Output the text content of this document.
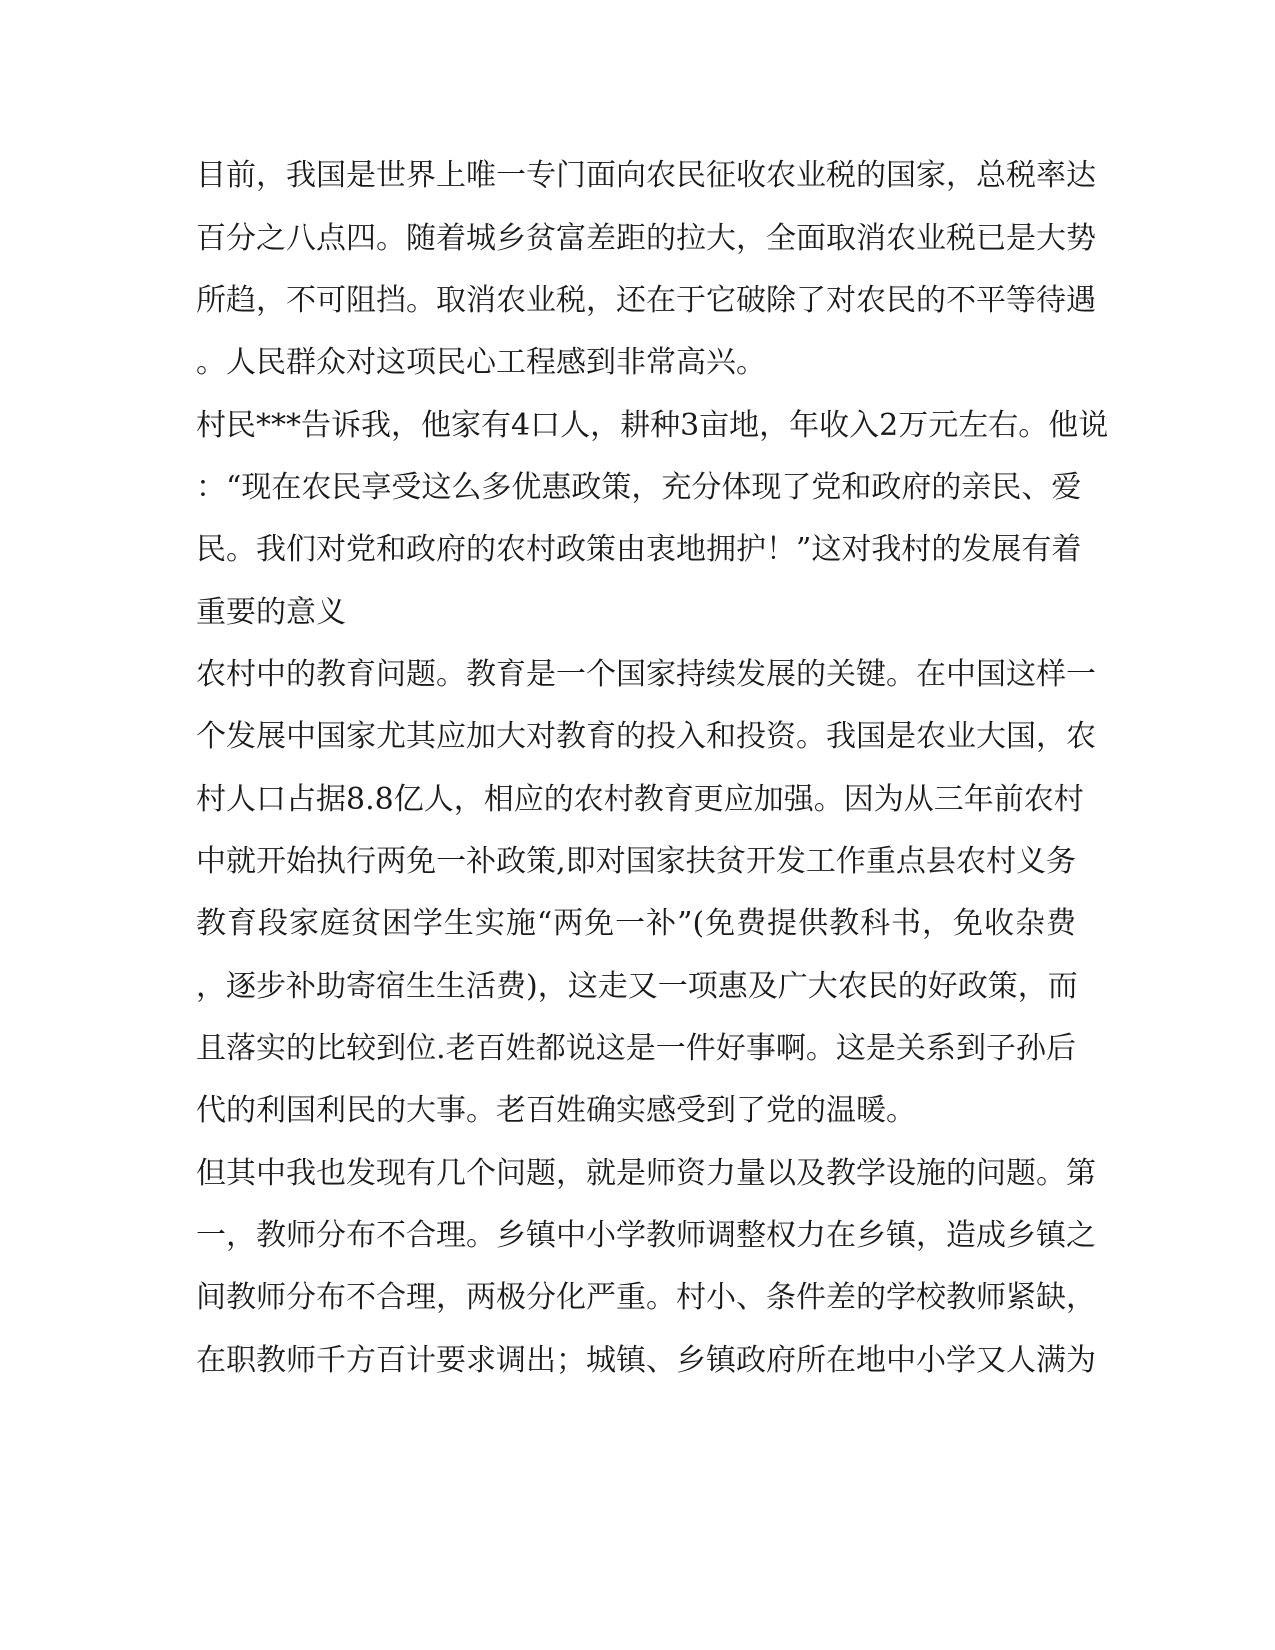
目前，我国是世界上唯一专门面向农民征收农业税的国家，总税率达
百分之八点四。随着城乡贫富差距的拉大，全面取消农业税已是大势
所趋，不可阻挡。取消农业税，还在于它破除了对农民的不平等待遇
。人民群众对这项民心工程感到非常高兴。
村民***告诉我，他家有4口人，耕种3亩地，年收入2万元左右。他说
：“现在农民享受这么多优惠政策，充分体现了党和政府的亲民、爱
民。我们对党和政府的农村政策由衷地拥护！”这对我村的发展有着
重要的意义
农村中的教育问题。教育是一个国家持续发展的关键。在中国这样一
个发展中国家尤其应加大对教育的投入和投资。我国是农业大国，农
村人口占据8.8亿人，相应的农村教育更应加强。因为从三年前农村
中就开始执行两免一补政策,即对国家扶贫开发工作重点县农村义务
教育段家庭贫困学生实施“两免一补”(免费提供教科书，免收杂费
，逐步补助寄宿生生活费)，这走又一项惠及广大农民的好政策，而
且落实的比较到位.老百姓都说这是一件好事啊。这是关系到子孙后
代的利国利民的大事。老百姓确实感受到了党的温暖。
但其中我也发现有几个问题，就是师资力量以及教学设施的问题。第
一，教师分布不合理。乡镇中小学教师调整权力在乡镇，造成乡镇之
间教师分布不合理，两极分化严重。村小、条件差的学校教师紧缺，
在职教师千方百计要求调出；城镇、乡镇政府所在地中小学又人满为
